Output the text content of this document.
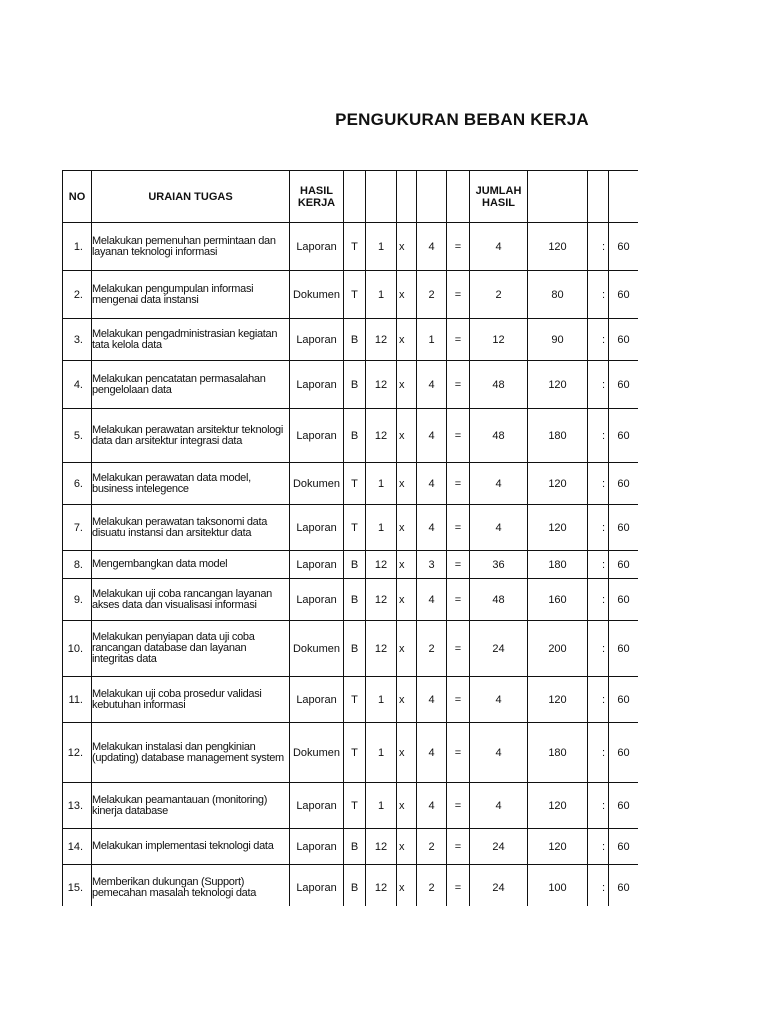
PENGUKURAN BEBAN KERJA
NO	URAIAN TUGAS	HASIL KERJA						JUMLAH HASIL			
1.	Melakukan pemenuhan permintaan dan layanan teknologi informasi	Laporan	T	1	x	4	=	4	120	:	60
2.	Melakukan pengumpulan informasi mengenai data instansi	Dokumen	T	1	x	2	=	2	80	:	60
3.	Melakukan pengadministrasian kegiatan tata kelola data	Laporan	B	12	x	1	=	12	90	:	60
4.	Melakukan pencatatan permasalahan pengelolaan data	Laporan	B	12	x	4	=	48	120	:	60
5.	Melakukan perawatan arsitektur teknologi data dan arsitektur integrasi data	Laporan	B	12	x	4	=	48	180	:	60
6.	Melakukan perawatan data model, business intelegence	Dokumen	T	1	x	4	=	4	120	:	60
7.	Melakukan perawatan taksonomi data disuatu instansi dan arsitektur data	Laporan	T	1	x	4	=	4	120	:	60
8.	Mengembangkan data model	Laporan	B	12	x	3	=	36	180	:	60
9.	Melakukan uji coba rancangan layanan akses data dan visualisasi informasi	Laporan	B	12	x	4	=	48	160	:	60
10.	Melakukan penyiapan data uji coba rancangan database dan layanan integritas data	Dokumen	B	12	x	2	=	24	200	:	60
11.	Melakukan uji coba prosedur validasi kebutuhan informasi	Laporan	T	1	x	4	=	4	120	:	60
12.	Melakukan instalasi dan pengkinian (updating) database management system	Dokumen	T	1	x	4	=	4	180	:	60
13.	Melakukan peamantauan (monitoring) kinerja database	Laporan	T	1	x	4	=	4	120	:	60
14.	Melakukan implementasi teknologi data	Laporan	B	12	x	2	=	24	120	:	60
15.	Memberikan dukungan (Support) pemecahan masalah teknologi data	Laporan	B	12	x	2	=	24	100	:	60
